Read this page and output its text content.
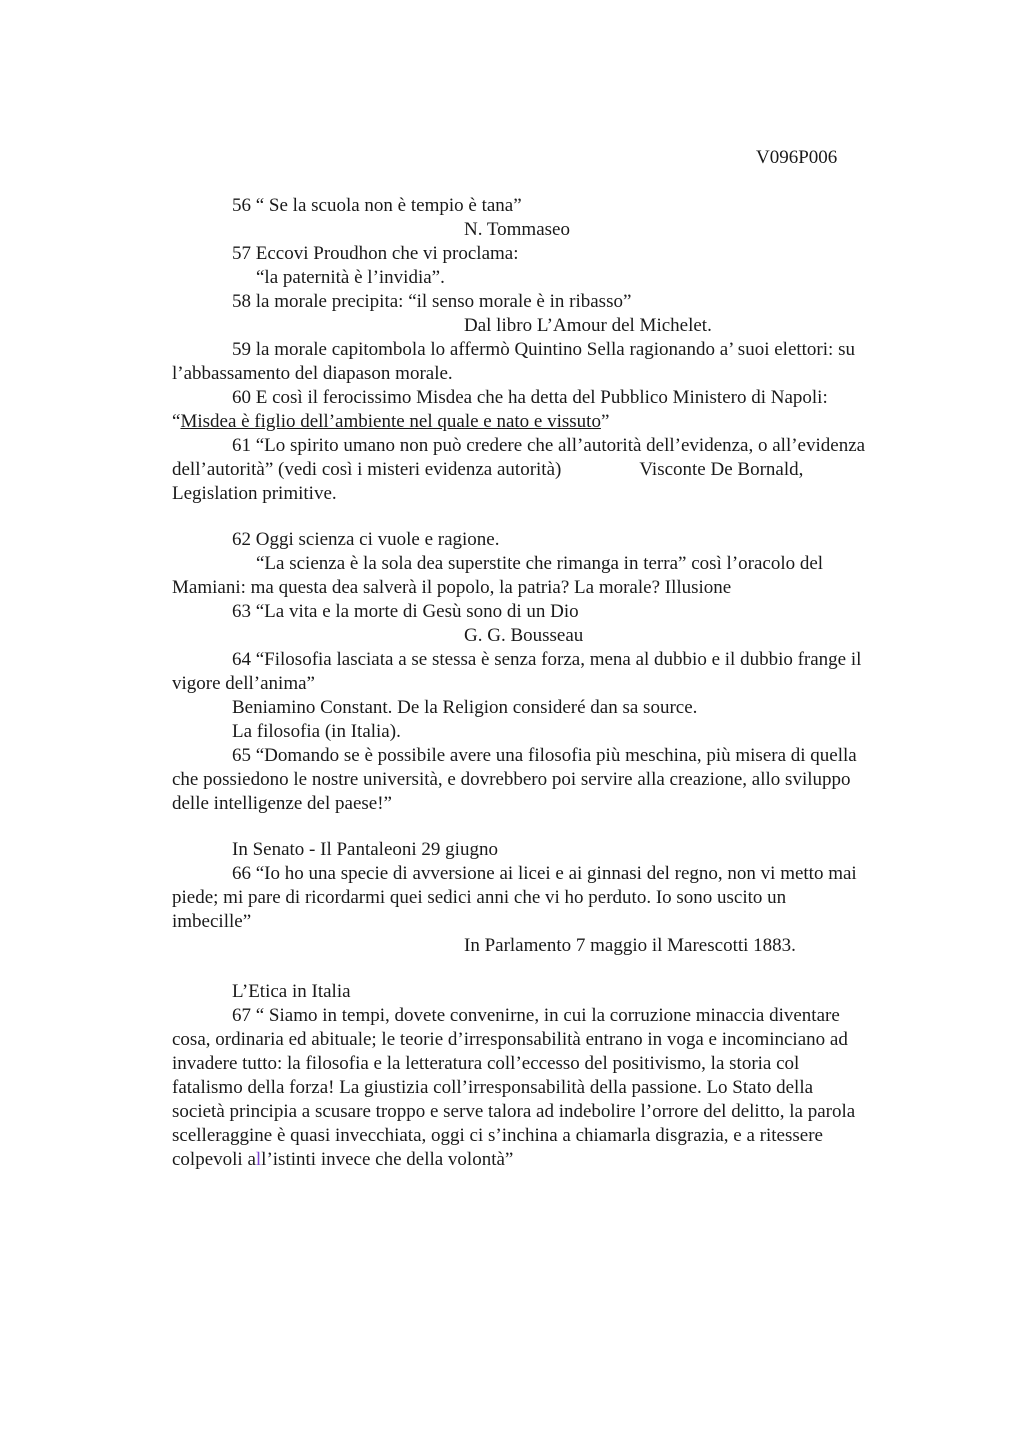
V096P006

56 “ Se la scuola non è tempio è tana”

N. Tommaseo

57 Eccovi Proudhon che vi proclama:

“la paternità è l’invidia”.

58 la morale precipita: “il senso morale è in ribasso”

Dal libro L’Amour del Michelet.

59 la morale capitombola lo affermò Quintino Sella ragionando a’ suoi elettori: su

l’abbassamento del diapason morale.

60 E così il ferocissimo Misdea che ha detta del Pubblico Ministero di Napoli:

“Misdea è figlio dell’ambiente nel quale e nato e vissuto”

61 “Lo spirito umano non può credere che all’autorità dell’evidenza, o all’evidenza

dell’autorità” (vedi così i misteri evidenza autorità)	Visconte De Bornald,

Legislation primitive.

62 Oggi scienza ci vuole e ragione.

“La scienza è la sola dea superstite che rimanga in terra” così l’oracolo del

Mamiani: ma questa dea salverà il popolo, la patria? La morale? Illusione

63 “La vita e la morte di Gesù sono di un Dio

G. G. Bousseau

64 “Filosofia lasciata a se stessa è senza forza, mena al dubbio e il dubbio frange il

vigore dell’anima”

Beniamino Constant. De la Religion consideré dan sa source.

La filosofia (in Italia).

65 “Domando se è possibile avere una filosofia più meschina, più misera di quella

che possiedono le nostre università, e dovrebbero poi servire alla creazione, allo sviluppo

delle intelligenze del paese!”

In Senato - Il Pantaleoni 29 giugno

66 “Io ho una specie di avversione ai licei e ai ginnasi del regno, non vi metto mai

piede; mi pare di ricordarmi quei sedici anni che vi ho perduto. Io sono uscito un

imbecille”

In Parlamento 7 maggio il Marescotti 1883.

L’Etica in Italia

67 “ Siamo in tempi, dovete convenirne, in cui la corruzione minaccia diventare

cosa, ordinaria ed abituale; le teorie d’irresponsabilità entrano in voga e incominciano ad

invadere tutto: la filosofia e la letteratura coll’eccesso del positivismo, la storia col

fatalismo della forza! La giustizia coll’irresponsabilità della passione. Lo Stato della

società principia a scusare troppo e serve talora ad indebolire l’orrore del delitto, la parola

scelleraggine è quasi invecchiata, oggi ci s’inchina a chiamarla disgrazia, e a ritessere

colpevoli all’istinti invece che della volontà”
